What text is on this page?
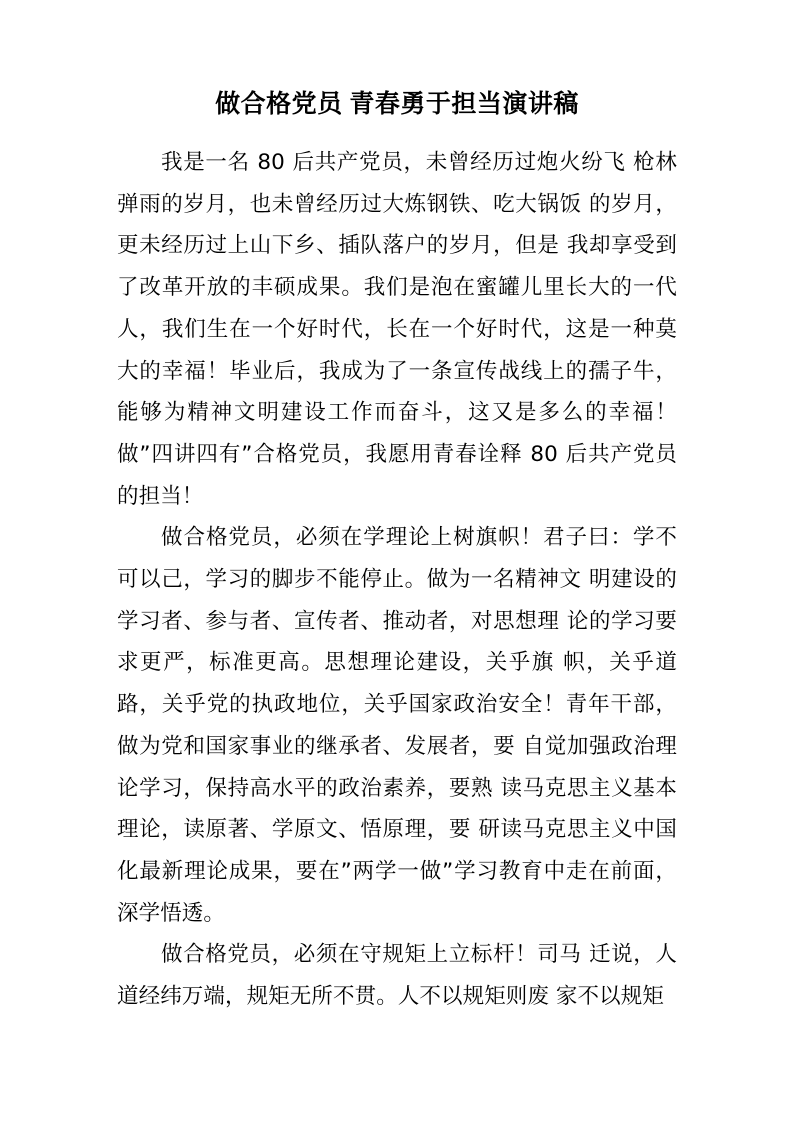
做合格党员 青春勇于担当演讲稿

我是一名 80 后共产党员，未曾经历过炮火纷飞 枪林
弹雨的岁月，也未曾经历过大炼钢铁、吃大锅饭 的岁月，
更未经历过上山下乡、插队落户的岁月，但是 我却享受到
了改革开放的丰硕成果。我们是泡在蜜罐儿里长大的一代
人，我们生在一个好时代，长在一个好时代，这是一种莫
大的幸福！毕业后，我成为了一条宣传战线上的孺子牛，
能够为精神文明建设工作而奋斗，这又是多么的幸福！
做”四讲四有”合格党员，我愿用青春诠释 80 后共产党员
的担当！

做合格党员，必须在学理论上树旗帜！君子曰：学不
可以己，学习的脚步不能停止。做为一名精神文 明建设的
学习者、参与者、宣传者、推动者，对思想理 论的学习要
求更严，标准更高。思想理论建设，关乎旗 帜，关乎道
路，关乎党的执政地位，关乎国家政治安全！青年干部，
做为党和国家事业的继承者、发展者，要 自觉加强政治理
论学习，保持高水平的政治素养，要熟 读马克思主义基本
理论，读原著、学原文、悟原理，要 研读马克思主义中国
化最新理论成果，要在”两学一做”学习教育中走在前面，
深学悟透。

做合格党员，必须在守规矩上立标杆！司马 迁说，人
道经纬万端，规矩无所不贯。人不以规矩则废 家不以规矩
